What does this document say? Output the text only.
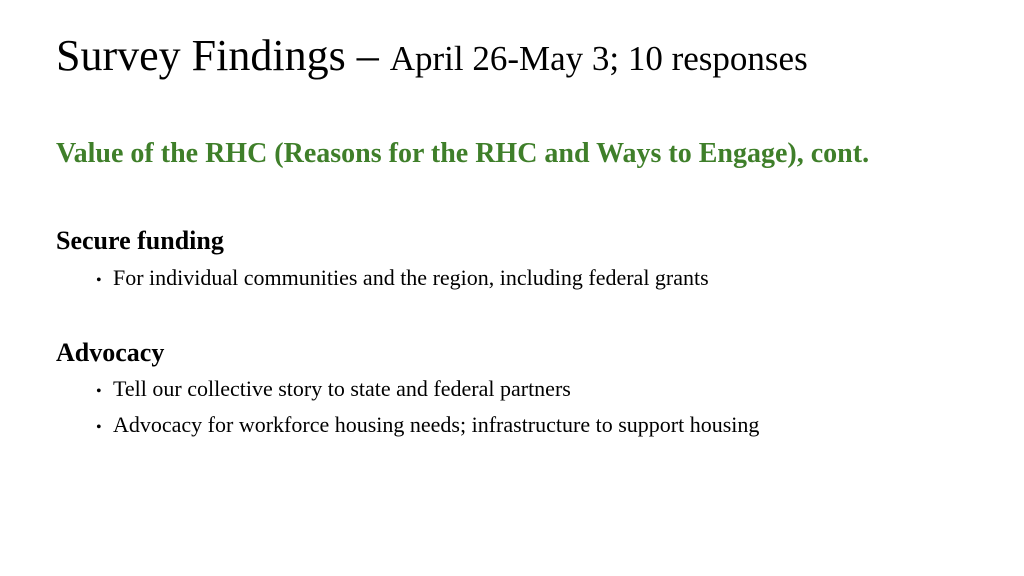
Survey Findings – April 26-May 3; 10 responses
Value of the RHC (Reasons for the RHC and Ways to Engage), cont.
Secure funding
• For individual communities and the region, including federal grants
Advocacy
• Tell our collective story to state and federal partners
• Advocacy for workforce housing needs; infrastructure to support housing
